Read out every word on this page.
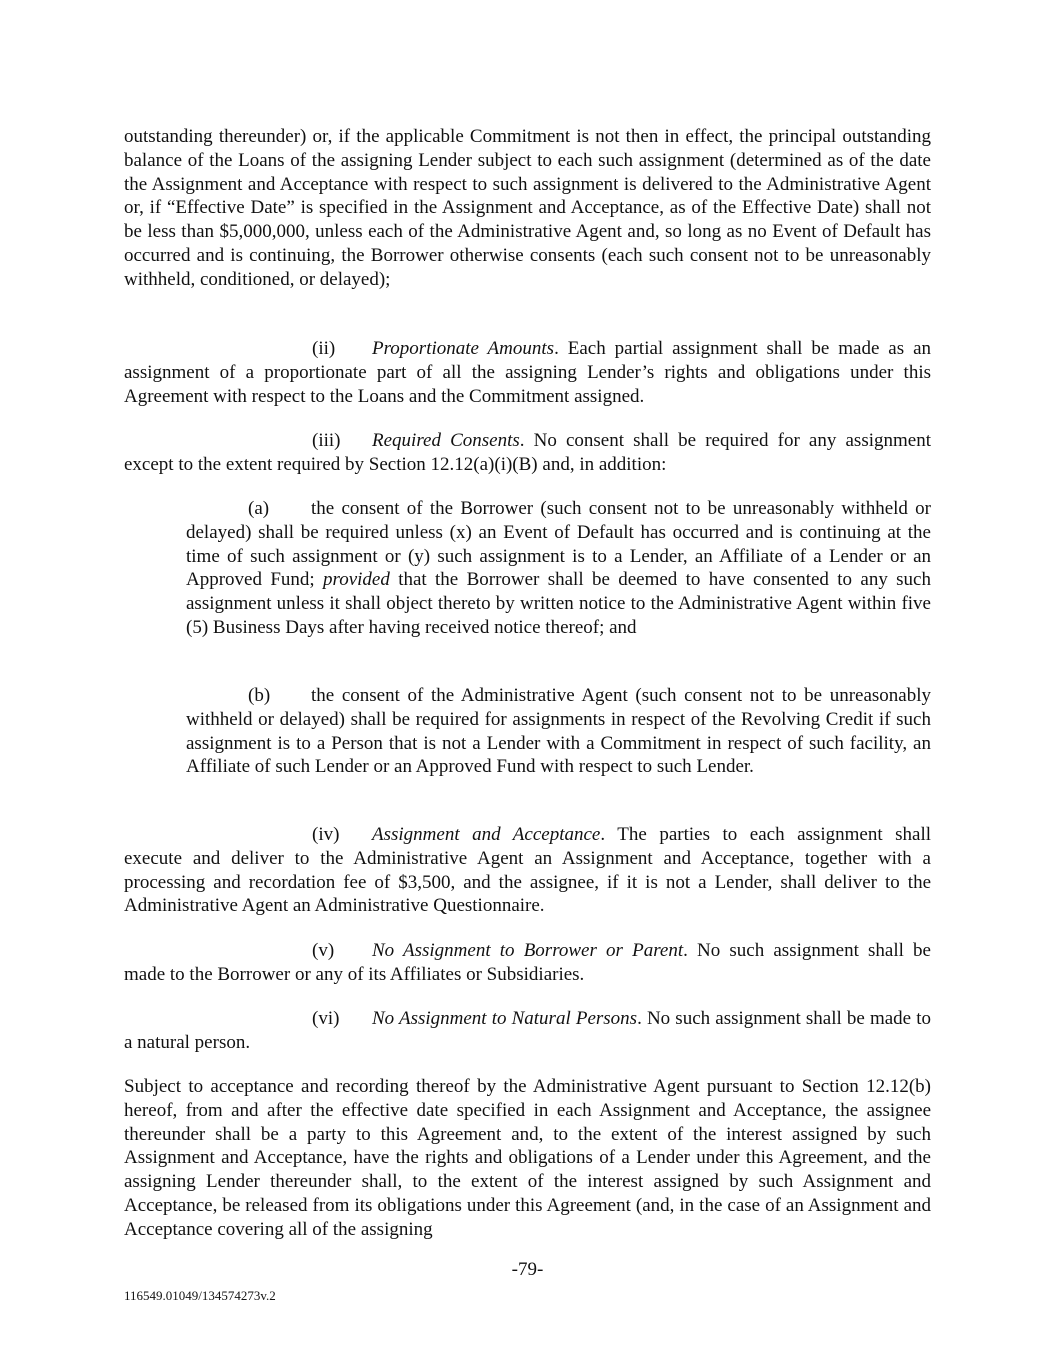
outstanding thereunder) or, if the applicable Commitment is not then in effect, the principal outstanding balance of the Loans of the assigning Lender subject to each such assignment (determined as of the date the Assignment and Acceptance with respect to such assignment is delivered to the Administrative Agent or, if “Effective Date” is specified in the Assignment and Acceptance, as of the Effective Date) shall not be less than $5,000,000, unless each of the Administrative Agent and, so long as no Event of Default has occurred and is continuing, the Borrower otherwise consents (each such consent not to be unreasonably withheld, conditioned, or delayed);

(ii) Proportionate Amounts. Each partial assignment shall be made as an assignment of a proportionate part of all the assigning Lender’s rights and obligations under this Agreement with respect to the Loans and the Commitment assigned.

(iii) Required Consents. No consent shall be required for any assignment except to the extent required by Section 12.12(a)(i)(B) and, in addition:

(a) the consent of the Borrower (such consent not to be unreasonably withheld or delayed) shall be required unless (x) an Event of Default has occurred and is continuing at the time of such assignment or (y) such assignment is to a Lender, an Affiliate of a Lender or an Approved Fund; provided that the Borrower shall be deemed to have consented to any such assignment unless it shall object thereto by written notice to the Administrative Agent within five (5) Business Days after having received notice thereof; and

(b) the consent of the Administrative Agent (such consent not to be unreasonably withheld or delayed) shall be required for assignments in respect of the Revolving Credit if such assignment is to a Person that is not a Lender with a Commitment in respect of such facility, an Affiliate of such Lender or an Approved Fund with respect to such Lender.

(iv) Assignment and Acceptance. The parties to each assignment shall execute and deliver to the Administrative Agent an Assignment and Acceptance, together with a processing and recordation fee of $3,500, and the assignee, if it is not a Lender, shall deliver to the Administrative Agent an Administrative Questionnaire.

(v) No Assignment to Borrower or Parent. No such assignment shall be made to the Borrower or any of its Affiliates or Subsidiaries.

(vi) No Assignment to Natural Persons. No such assignment shall be made to a natural person.

Subject to acceptance and recording thereof by the Administrative Agent pursuant to Section 12.12(b) hereof, from and after the effective date specified in each Assignment and Acceptance, the assignee thereunder shall be a party to this Agreement and, to the extent of the interest assigned by such Assignment and Acceptance, have the rights and obligations of a Lender under this Agreement, and the assigning Lender thereunder shall, to the extent of the interest assigned by such Assignment and Acceptance, be released from its obligations under this Agreement (and, in the case of an Assignment and Acceptance covering all of the assigning

-79-
116549.01049/134574273v.2
